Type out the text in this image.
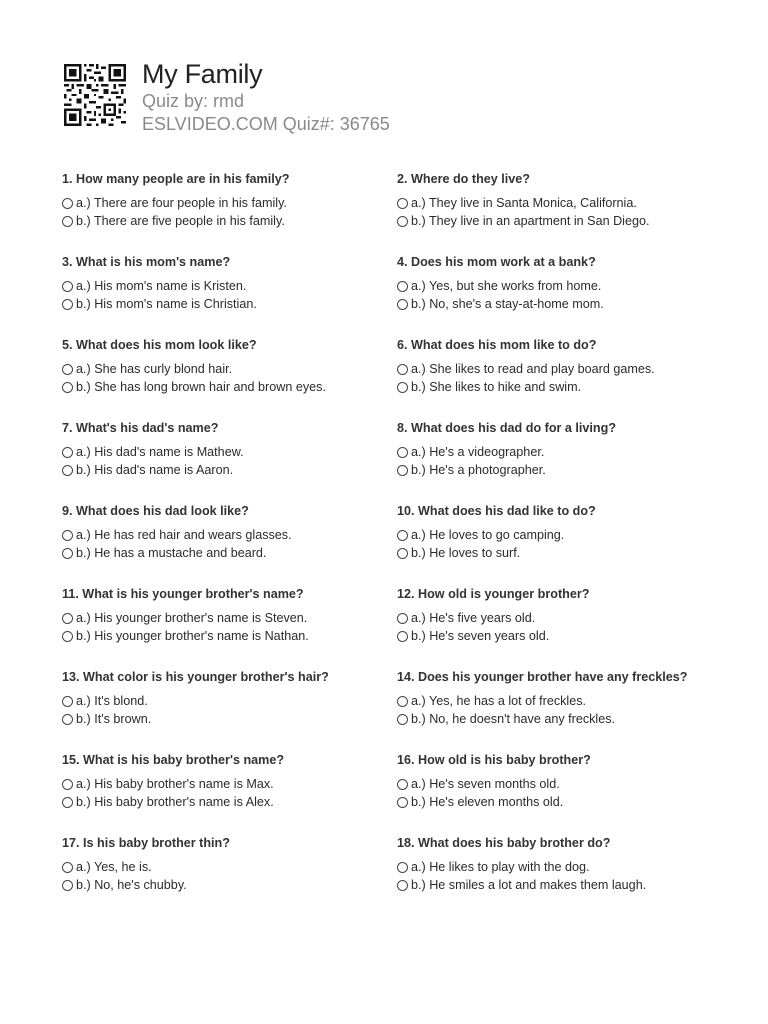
My Family
Quiz by: rmd
ESLVIDEO.COM Quiz#: 36765
1. How many people are in his family?
a.) There are four people in his family.
b.) There are five people in his family.
2. Where do they live?
a.) They live in Santa Monica, California.
b.) They live in an apartment in San Diego.
3. What is his mom's name?
a.) His mom's name is Kristen.
b.) His mom's name is Christian.
4. Does his mom work at a bank?
a.) Yes, but she works from home.
b.) No, she's a stay-at-home mom.
5. What does his mom look like?
a.) She has curly blond hair.
b.) She has long brown hair and brown eyes.
6. What does his mom like to do?
a.) She likes to read and play board games.
b.) She likes to hike and swim.
7. What's his dad's name?
a.) His dad's name is Mathew.
b.) His dad's name is Aaron.
8. What does his dad do for a living?
a.) He's a videographer.
b.) He's a photographer.
9. What does his dad look like?
a.) He has red hair and wears glasses.
b.) He has a mustache and beard.
10. What does his dad like to do?
a.) He loves to go camping.
b.) He loves to surf.
11. What is his younger brother's name?
a.) His younger brother's name is Steven.
b.) His younger brother's name is Nathan.
12. How old is younger brother?
a.) He's five years old.
b.) He's seven years old.
13. What color is his younger brother's hair?
a.) It's blond.
b.) It's brown.
14. Does his younger brother have any freckles?
a.) Yes, he has a lot of freckles.
b.) No, he doesn't have any freckles.
15. What is his baby brother's name?
a.) His baby brother's name is Max.
b.) His baby brother's name is Alex.
16. How old is his baby brother?
a.) He's seven months old.
b.) He's eleven months old.
17. Is his baby brother thin?
a.) Yes, he is.
b.) No, he's chubby.
18. What does his baby brother do?
a.) He likes to play with the dog.
b.) He smiles a lot and makes them laugh.
